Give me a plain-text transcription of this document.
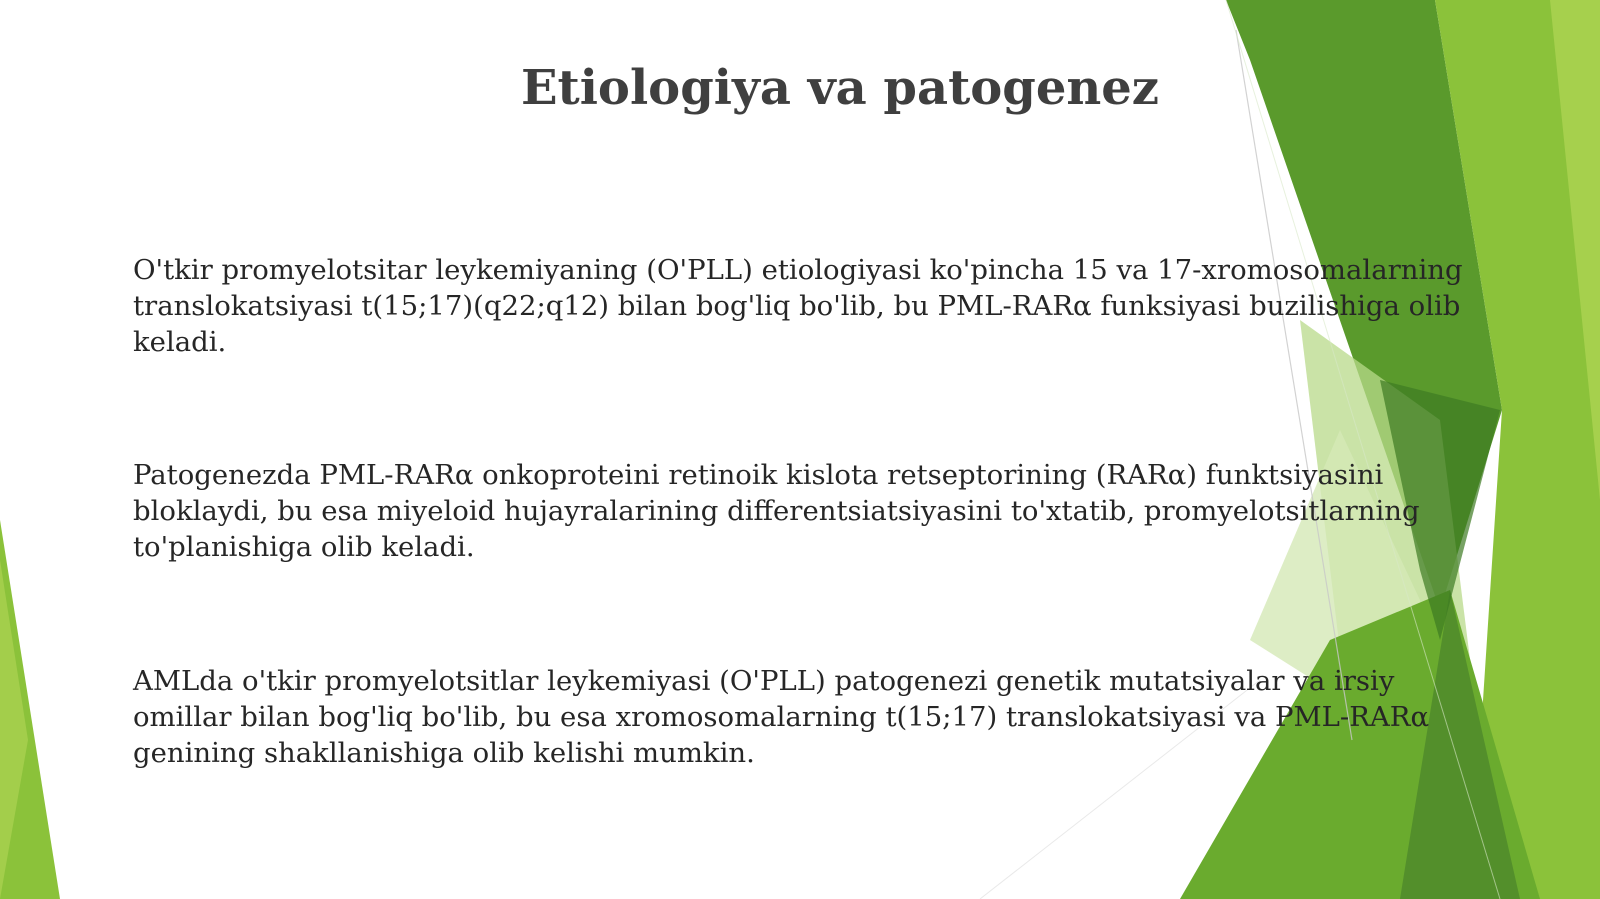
Etiologiya va patogenez

O'tkir promyelotsitar leykemiyaning (O'PLL) etiologiyasi ko'pincha 15 va 17-xromosomalarning translokatsiyasi t(15;17)(q22;q12) bilan bog'liq bo'lib, bu PML-RARα funksiyasi buzilishiga olib keladi.

Patogenezda PML-RARα onkoproteini retinoik kislota retseptorining (RARα) funktsiyasini bloklaydi, bu esa miyeloid hujayralarining differentsiatsiyasini to'xtatib, promyelotsitlarning to'planishiga olib keladi.

AMLda o'tkir promyelotsitlar leykemiyasi (O'PLL) patogenezi genetik mutatsiyalar va irsiy omillar bilan bog'liq bo'lib, bu esa xromosomalarning t(15;17) translokatsiyasi va PML-RARα genining shakllanishiga olib kelishi mumkin.
